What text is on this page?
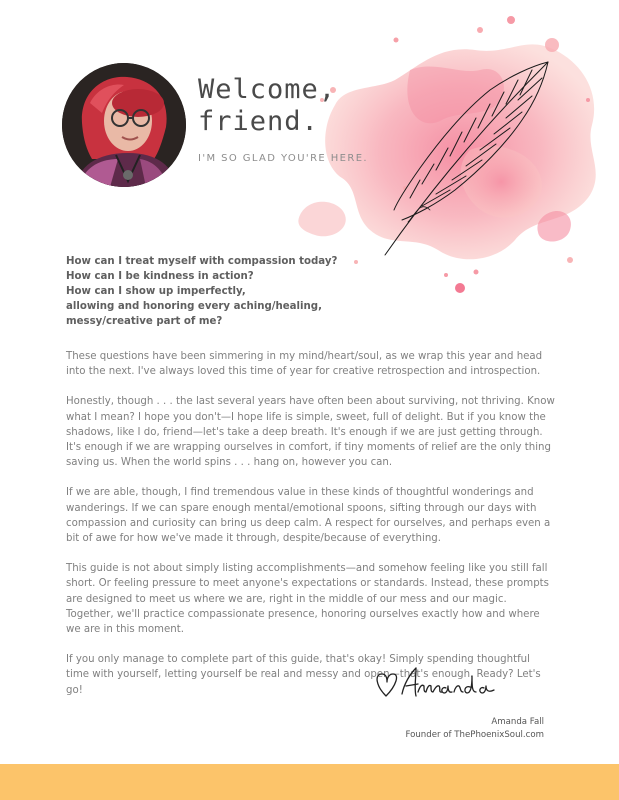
Welcome,
friend.
I'M SO GLAD YOU'RE HERE.
How can I treat myself with compassion today?
How can I be kindness in action?
How can I show up imperfectly,
allowing and honoring every aching/healing,
messy/creative part of me?

These questions have been simmering in my mind/heart/soul, as we wrap this year and head into the next. I've always loved this time of year for creative retrospection and introspection.

Honestly, though . . . the last several years have often been about surviving, not thriving. Know what I mean? I hope you don't—I hope life is simple, sweet, full of delight. But if you know the shadows, like I do, friend—let's take a deep breath. It's enough if we are just getting through. It's enough if we are wrapping ourselves in comfort, if tiny moments of relief are the only thing saving us. When the world spins . . . hang on, however you can.

If we are able, though, I find tremendous value in these kinds of thoughtful wonderings and wanderings. If we can spare enough mental/emotional spoons, sifting through our days with compassion and curiosity can bring us deep calm. A respect for ourselves, and perhaps even a bit of awe for how we've made it through, despite/because of everything.

This guide is not about simply listing accomplishments—and somehow feeling like you still fall short. Or feeling pressure to meet anyone's expectations or standards. Instead, these prompts are designed to meet us where we are, right in the middle of our mess and our magic. Together, we'll practice compassionate presence, honoring ourselves exactly how and where we are in this moment.

If you only manage to complete part of this guide, that's okay! Simply spending thoughtful time with yourself, letting yourself be real and messy and open—that's enough. Ready? Let's go!

Amanda Fall
Founder of ThePhoenixSoul.com
